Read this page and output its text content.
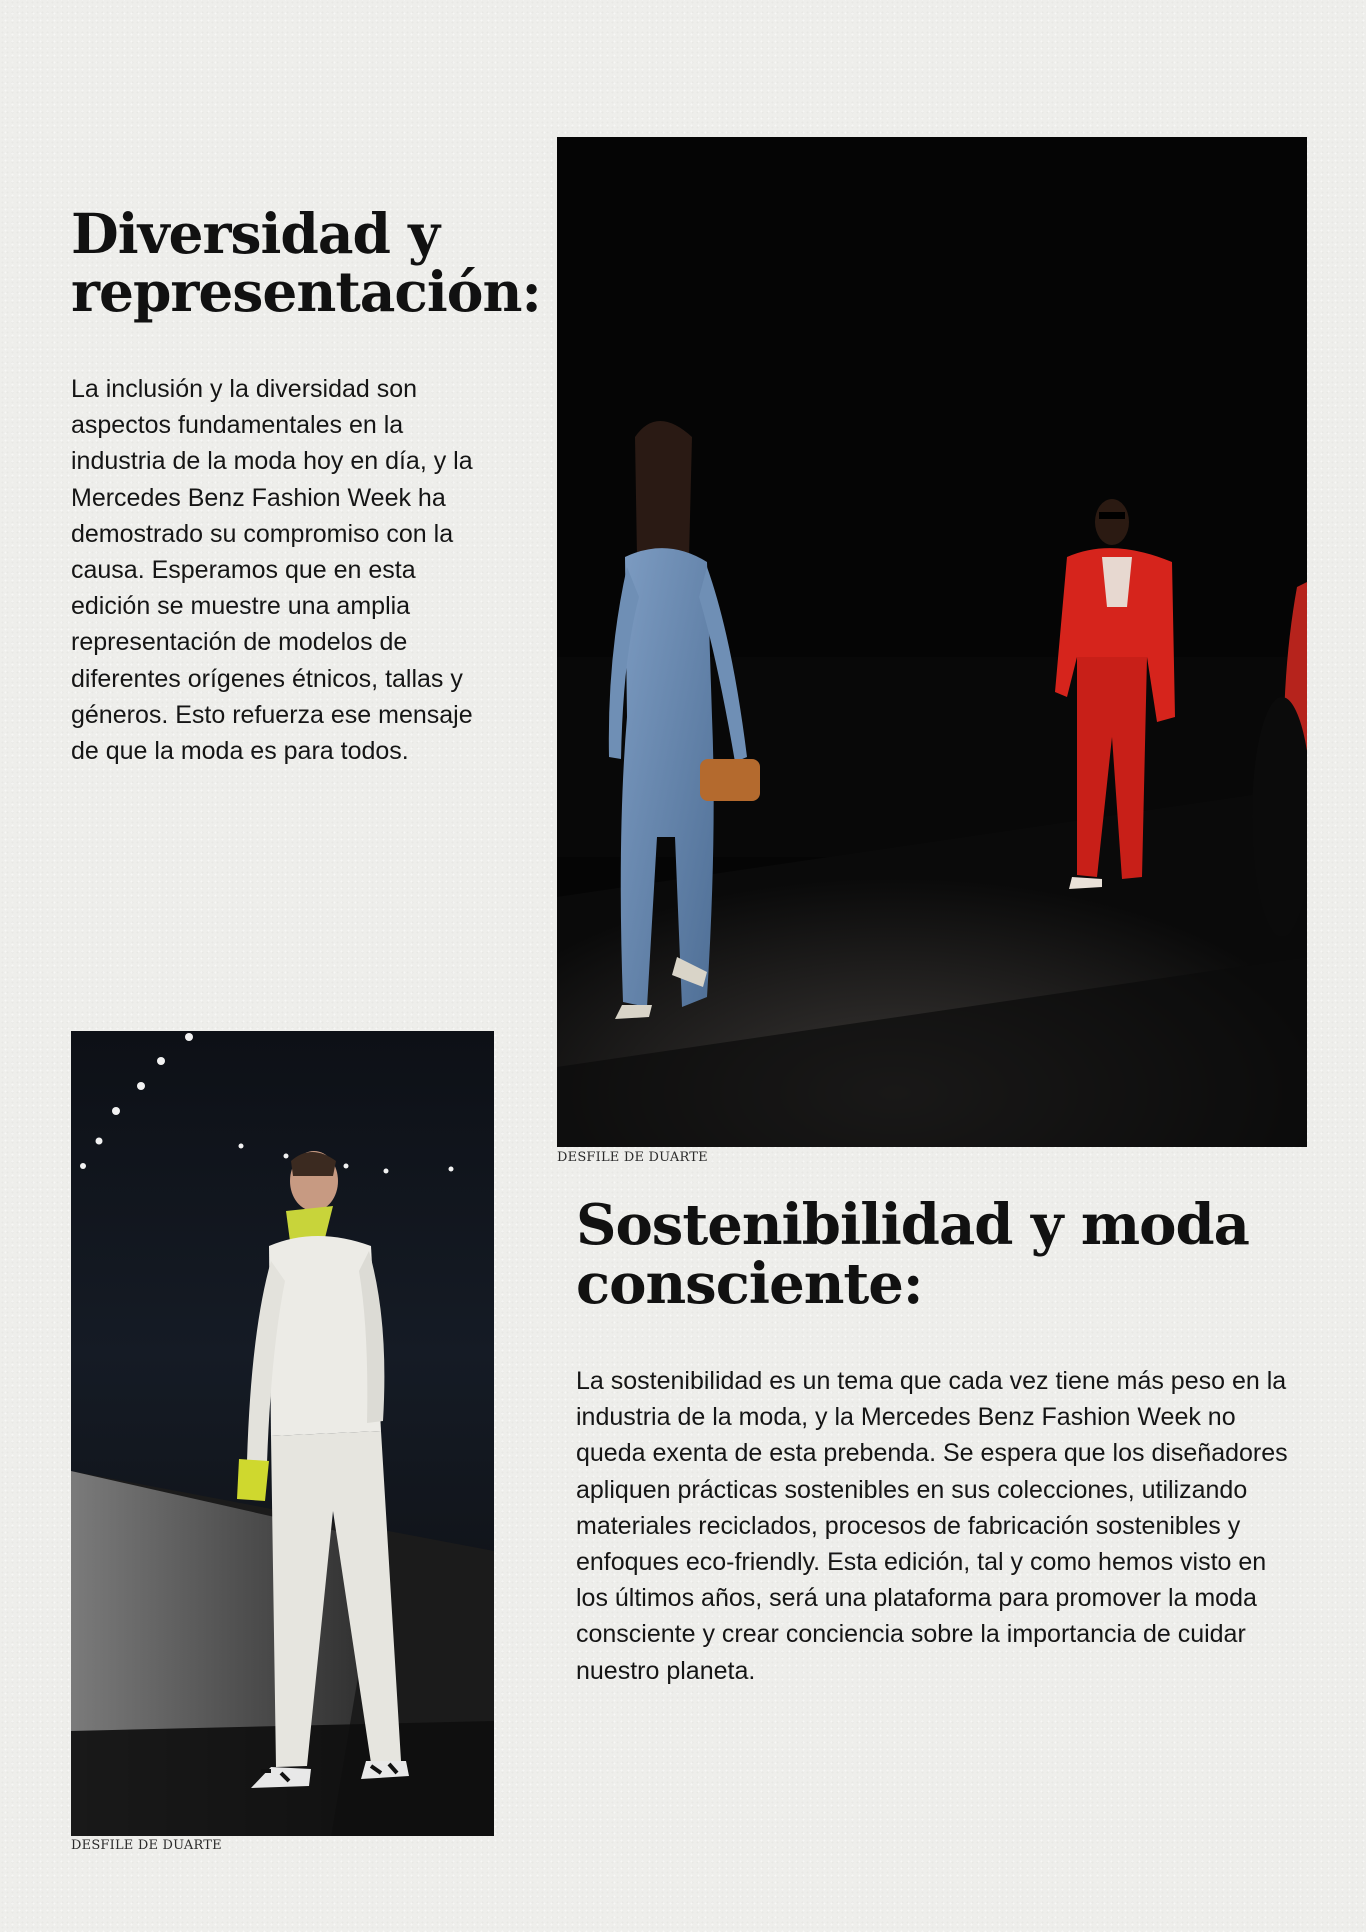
Diversidad y
representación:

La inclusión y la diversidad son aspectos fundamentales en la industria de la moda hoy en día, y la Mercedes Benz Fashion Week ha demostrado su compromiso con la causa. Esperamos que en esta edición se muestre una amplia representación de modelos de diferentes orígenes étnicos, tallas y géneros. Esto refuerza ese mensaje de que la moda es para todos.

DESFILE DE DUARTE

DESFILE DE DUARTE

Sostenibilidad y moda
consciente:

La sostenibilidad es un tema que cada vez tiene más peso en la industria de la moda, y la Mercedes Benz Fashion Week no queda exenta de esta prebenda. Se espera que los diseñadores apliquen prácticas sostenibles en sus colecciones, utilizando materiales reciclados, procesos de fabricación sostenibles y enfoques eco-friendly. Esta edición, tal y como hemos visto en los últimos años, será una plataforma para promover la moda consciente y crear conciencia sobre la importancia de cuidar nuestro planeta.
